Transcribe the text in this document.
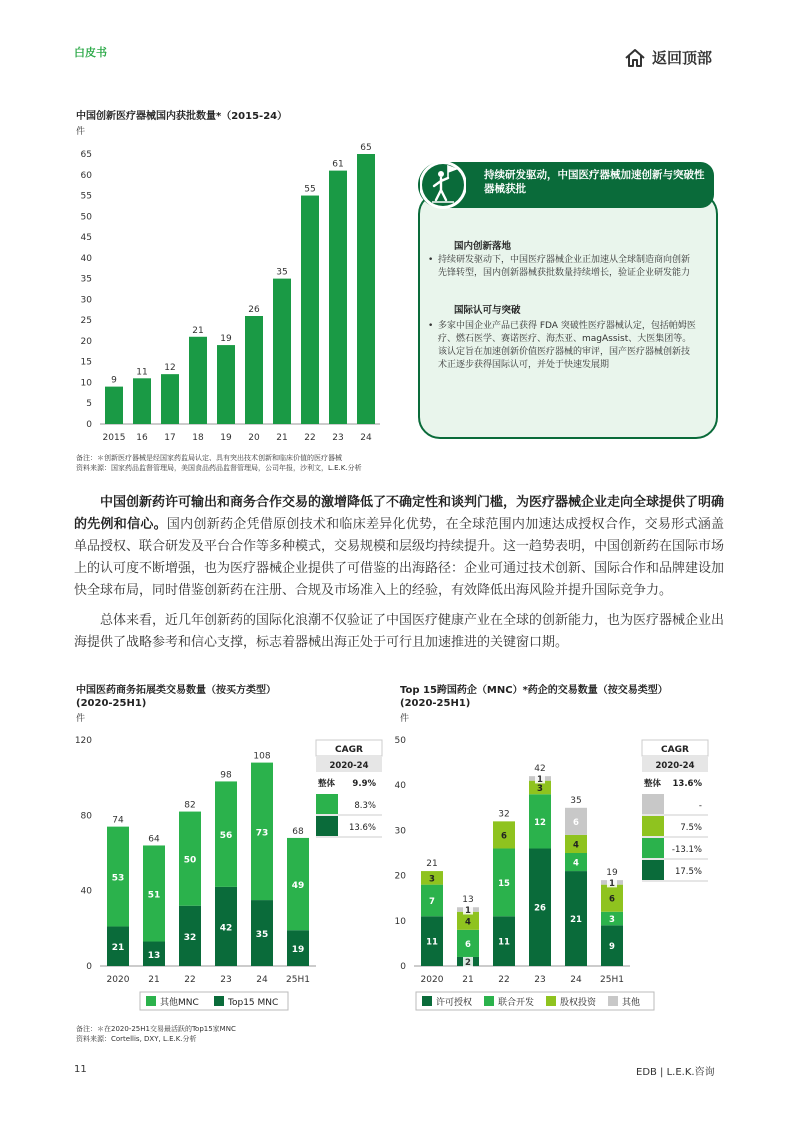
白皮书	返回顶部
中国创新医疗器械国内获批数量*（2015-24）
件
0
5
10
15
20
25
30
35
40
45
50
55
60
65
9
2015
11
16
12
17
21
18
19
19
26
20
35
21
55
22
61
23
65
24
备注：＊创新医疗器械是经国家药监局认定、具有突出技术创新和临床价值的医疗器械
资料来源：国家药品监督管理局，美国食品药品监督管理局，公司年报，沙利文，L.E.K.分析
持续研发驱动，中国医疗器械加速创新与突破性器械获批
国内创新落地
• 持续研发驱动下，中国医疗器械企业正加速从全球制造商向创新先锋转型，国内创新器械获批数量持续增长，验证企业研发能力
国际认可与突破
• 多家中国企业产品已获得 FDA 突破性医疗器械认定，包括帕姆医疗、燃石医学、赛诺医疗、海杰亚、magAssist、大医集团等。该认定旨在加速创新价值医疗器械的审评，国产医疗器械创新技术正逐步获得国际认可，并处于快速发展期

中国创新药许可输出和商务合作交易的激增降低了不确定性和谈判门槛，为医疗器械企业走向全球提供了明确的先例和信心。国内创新药企凭借原创技术和临床差异化优势，在全球范围内加速达成授权合作，交易形式涵盖单品授权、联合研发及平台合作等多种模式，交易规模和层级均持续提升。这一趋势表明，中国创新药在国际市场上的认可度不断增强，也为医疗器械企业提供了可借鉴的出海路径：企业可通过技术创新、国际合作和品牌建设加快全球布局，同时借鉴创新药在注册、合规及市场准入上的经验，有效降低出海风险并提升国际竞争力。

总体来看，近几年创新药的国际化浪潮不仅验证了中国医疗健康产业在全球的创新能力，也为医疗器械企业出海提供了战略参考和信心支撑，标志着器械出海正处于可行且加速推进的关键窗口期。

中国医药商务拓展类交易数量（按买方类型）
(2020-25H1)
件
0
40
80
120
21
53
74
2020
13
51
64
21
32
50
82
22
42
56
98
23
35
73
108
24
19
49
68
25H1
其他MNC	Top15 MNC
CAGR
2020-24
整体 9.9%
8.3%
13.6%
Top 15跨国药企（MNC）*药企的交易数量（按交易类型）
(2020-25H1)
件
0
10
20
30
40
50
11
7
3
21
2020
2
6
4
1
13
21
11
15
6
32
22
26
12
3
1
42
23
21
4
4
6
35
24
9
3
6
1
19
25H1
许可授权	联合开发	股权投资	其他
CAGR
2020-24
整体 13.6%
-
7.5%
-13.1%
17.5%
备注：＊在2020-25H1交易最活跃的Top15家MNC
资料来源：Cortellis, DXY, L.E.K.分析
11	EDB | L.E.K.咨询
